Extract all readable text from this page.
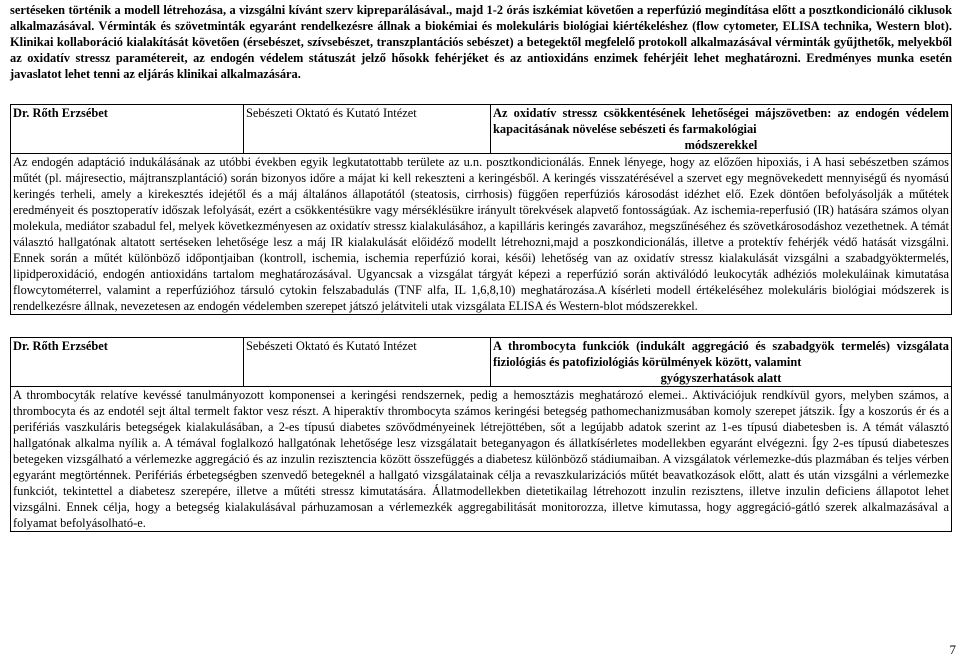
sertéseken történik a modell létrehozása, a vizsgálni kívánt szerv kipreparálásával., majd 1-2 órás iszkémiat követően a reperfúzió megindítása előtt a posztkondicionáló ciklusok alkalmazásával. Vérminták és szövetminták egyaránt rendelkezésre állnak a biokémiai és molekuláris biológiai kiértékeléshez (flow cytometer, ELISA technika, Western blot). Klinikai kollaboráció kialakítását követően (érsebészet, szívsebészet, transzplantációs sebészet) a betegektől megfelelő protokoll alkalmazásával vérminták gyűjthetők, melyekből az oxidatív stressz paramétereit, az endogén védelem státuszát jelző hősokk fehérjéket és az antioxidáns enzimek fehérjéit lehet meghatározni. Eredményes munka esetén javaslatot lehet tenni az eljárás klinikai alkalmazására.

Dr. Rőth Erzsébet	Sebészeti Oktató és Kutató Intézet	Az oxidatív stressz csökkentésének lehetőségei májszövetben: az endogén védelem kapacitásának növelése sebészeti és farmakológiai
módszerekkel

Az endogén adaptáció indukálásának az utóbbi években egyik legkutatottabb területe az u.n. posztkondicionálás. Ennek lényege, hogy az előzően hipoxiás, i A hasi sebészetben számos műtét (pl. májresectio, májtranszplantáció) során bizonyos időre a májat ki kell rekeszteni a keringésből. A keringés visszatérésével a szervet egy megnövekedett mennyiségű és nyomású keringés terheli, amely a kirekesztés idejétől és a máj általános állapotától (steatosis, cirrhosis) függően reperfúziós károsodást idézhet elő. Ezek döntően befolyásolják a műtétek eredményeit és posztoperatív időszak lefolyását, ezért a csökkentésükre vagy mérséklésükre irányult törekvések alapvető fontosságúak. Az ischemia-reperfusió (IR) hatására számos olyan molekula, mediátor szabadul fel, melyek következményesen az oxidatív stressz kialakulásához, a kapilláris keringés zavarához, megszűnéséhez és szövetkárosodáshoz vezethetnek. A témát választó hallgatónak altatott sertéseken lehetősége lesz a máj IR kialakulását előidéző modellt létrehozni,majd a poszkondicionálás, illetve a protektív fehérjék védő hatását vizsgálni. Ennek során a műtét különböző időpontjaiban (kontroll, ischemia, ischemia reperfúzió korai, késői) lehetőség van az oxidatív stressz kialakulását vizsgálni a szabadgyöktermelés, lipidperoxidáció, endogén antioxidáns tartalom meghatározásával. Ugyancsak a vizsgálat tárgyát képezi a reperfúzió során aktiválódó leukocyták adhéziós molekuláinak kimutatása flowcytométerrel, valamint a reperfúzióhoz társuló cytokin felszabadulás (TNF alfa, IL 1,6,8,10) meghatározása.A kísérleti modell értékeléséhez molekuláris biológiai módszerek is rendelkezésre állnak, nevezetesen az endogén védelemben szerepet játszó jelátviteli utak vizsgálata ELISA és Western-blot módszerekkel.
Dr. Rőth Erzsébet	Sebészeti Oktató és Kutató Intézet	A thrombocyta funkciók (indukált aggregáció és szabadgyök termelés) vizsgálata fiziológiás és patofiziológiás körülmények között, valamint
gyógyszerhatások alatt

A thrombocyták relatíve kevéssé tanulmányozott komponensei a keringési rendszernek, pedig a hemosztázis meghatározó elemei.. Aktivációjuk rendkívül gyors, melyben számos, a thrombocyta és az endotél sejt által termelt faktor vesz részt. A hiperaktív thrombocyta számos keringési betegség pathomechanizmusában komoly szerepet játszik. Így a koszorús ér és a perifériás vaszkuláris betegségek kialakulásában, a 2-es típusú diabetes szövődményeinek létrejöttében, sőt a legújabb adatok szerint az 1-es típusú diabetesben is. A témát választó hallgatónak alkalma nyílik a. A témával foglalkozó hallgatónak lehetősége lesz vizsgálatait beteganyagon és állatkísérletes modellekben egyaránt elvégezni. Így 2-es típusú diabeteszes betegeken vizsgálható a vérlemezke aggregáció és az inzulin rezisztencia között összefüggés a diabetesz különböző stádiumaiban. A vizsgálatok vérlemezke-dús plazmában és teljes vérben egyaránt megtörténnek. Perifériás érbetegségben szenvedő betegeknél a hallgató vizsgálatainak célja a revaszkularizációs műtét beavatkozások előtt, alatt és után vizsgálni a vérlemezke funkciót, tekintettel a diabetesz szerepére, illetve a műtéti stressz kimutatására. Állatmodellekben dietetikailag létrehozott inzulin rezisztens, illetve inzulin deficiens állapotot lehet vizsgálni. Ennek célja, hogy a betegség kialakulásával párhuzamosan a vérlemezkék aggregabilitását monitorozza, illetve kimutassa, hogy aggregáció-gátló szerek alkalmazásával a folyamat befolyásolható-e.
7
